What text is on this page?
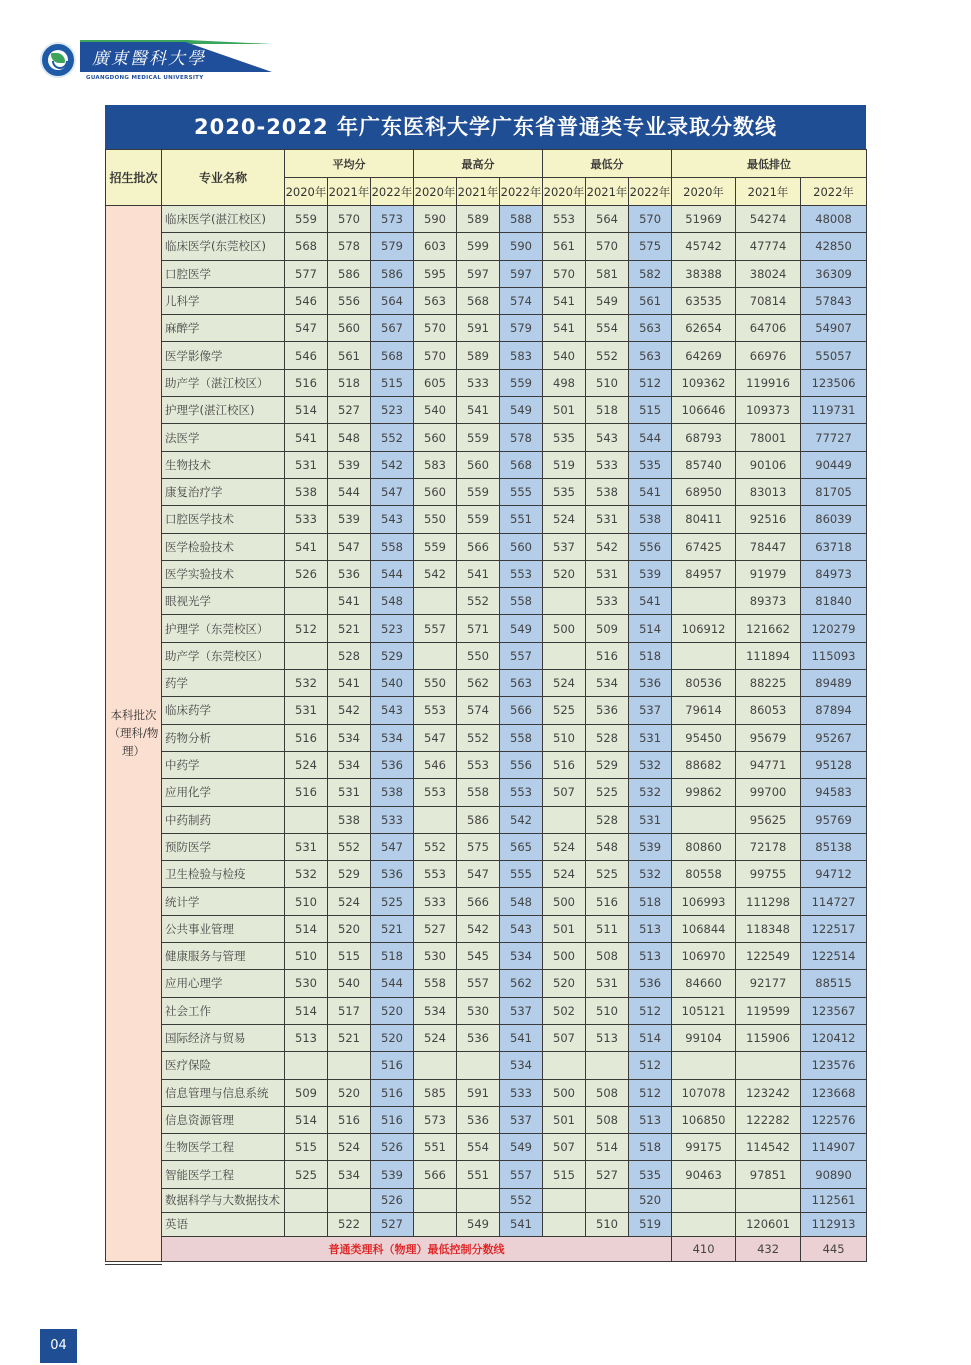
廣東醫科大學
GUANGDONG MEDICAL UNIVERSITY
2020-2022 年广东医科大学广东省普通类专业录取分数线
招生批次	专业名称	平均分			最高分			最低分			最低排位		
		2020年	2021年	2022年	2020年	2021年	2022年	2020年	2021年	2022年	2020年	2021年	2022年
本科批次（理科/物理）	临床医学(湛江校区)	559	570	573	590	589	588	553	564	570	51969	54274	48008
	临床医学(东莞校区)	568	578	579	603	599	590	561	570	575	45742	47774	42850
	口腔医学	577	586	586	595	597	597	570	581	582	38388	38024	36309
	儿科学	546	556	564	563	568	574	541	549	561	63535	70814	57843
	麻醉学	547	560	567	570	591	579	541	554	563	62654	64706	54907
	医学影像学	546	561	568	570	589	583	540	552	563	64269	66976	55057
	助产学（湛江校区）	516	518	515	605	533	559	498	510	512	109362	119916	123506
	护理学(湛江校区)	514	527	523	540	541	549	501	518	515	106646	109373	119731
	法医学	541	548	552	560	559	578	535	543	544	68793	78001	77727
	生物技术	531	539	542	583	560	568	519	533	535	85740	90106	90449
	康复治疗学	538	544	547	560	559	555	535	538	541	68950	83013	81705
	口腔医学技术	533	539	543	550	559	551	524	531	538	80411	92516	86039
	医学检验技术	541	547	558	559	566	560	537	542	556	67425	78447	63718
	医学实验技术	526	536	544	542	541	553	520	531	539	84957	91979	84973
	眼视光学		541	548		552	558		533	541		89373	81840
	护理学（东莞校区）	512	521	523	557	571	549	500	509	514	106912	121662	120279
	助产学（东莞校区）		528	529		550	557		516	518		111894	115093
	药学	532	541	540	550	562	563	524	534	536	80536	88225	89489
	临床药学	531	542	543	553	574	566	525	536	537	79614	86053	87894
	药物分析	516	534	534	547	552	558	510	528	531	95450	95679	95267
	中药学	524	534	536	546	553	556	516	529	532	88682	94771	95128
	应用化学	516	531	538	553	558	553	507	525	532	99862	99700	94583
	中药制药		538	533		586	542		528	531		95625	95769
	预防医学	531	552	547	552	575	565	524	548	539	80860	72178	85138
	卫生检验与检疫	532	529	536	553	547	555	524	525	532	80558	99755	94712
	统计学	510	524	525	533	566	548	500	516	518	106993	111298	114727
	公共事业管理	514	520	521	527	542	543	501	511	513	106844	118348	122517
	健康服务与管理	510	515	518	530	545	534	500	508	513	106970	122549	122514
	应用心理学	530	540	544	558	557	562	520	531	536	84660	92177	88515
	社会工作	514	517	520	534	530	537	502	510	512	105121	119599	123567
	国际经济与贸易	513	521	520	524	536	541	507	513	514	99104	115906	120412
	医疗保险			516			534			512			123576
	信息管理与信息系统	509	520	516	585	591	533	500	508	512	107078	123242	123668
	信息资源管理	514	516	516	573	536	537	501	508	513	106850	122282	122576
	生物医学工程	515	524	526	551	554	549	507	514	518	99175	114542	114907
	智能医学工程	525	534	539	566	551	557	515	527	535	90463	97851	90890
	数据科学与大数据技术			526			552			520			112561
	英语		522	527		549	541		510	519		120601	112913
	普通类理科（物理）最低控制分数线										410	432	445
04
